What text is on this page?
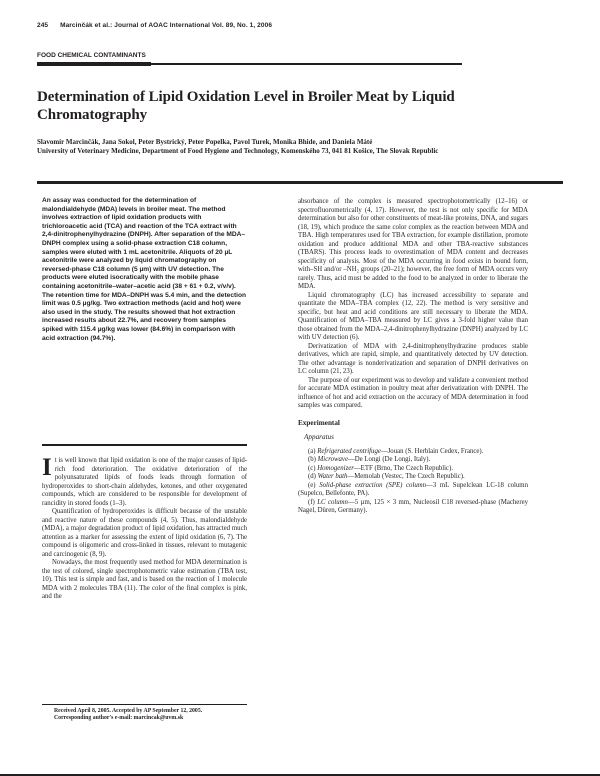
245 Marcinčák et al.: Journal of AOAC International Vol. 89, No. 1, 2006
FOOD CHEMICAL CONTAMINANTS
Determination of Lipid Oxidation Level in Broiler Meat by Liquid Chromatography
Slavomír Marcinčák, Jana Sokol, Peter Bystrický, Peter Popelka, Pavol Turek, Monika Bhide, and Daniela Máté
University of Veterinary Medicine, Department of Food Hygiene and Technology, Komenského 73, 041 81 Košice, The Slovak Republic
An assay was conducted for the determination of malondialdehyde (MDA) levels in broiler meat. The method involves extraction of lipid oxidation products with trichloroacetic acid (TCA) and reaction of the TCA extract with 2,4-dinitrophenylhydrazine (DNPH). After separation of the MDA–DNPH complex using a solid-phase extraction C18 column, samples were eluted with 1 mL acetonitrile. Aliquots of 20 µL acetonitrile were analyzed by liquid chromatography on reversed-phase C18 column (5 µm) with UV detection. The products were eluted isocratically with the mobile phase containing acetonitrile–water–acetic acid (38 + 61 + 0.2, v/v/v). The retention time for MDA–DNPH was 5.4 min, and the detection limit was 0.5 µg/kg. Two extraction methods (acid and hot) were also used in the study. The results showed that hot extraction increased results about 22.7%, and recovery from samples spiked with 115.4 µg/kg was lower (84.6%) in comparison with acid extraction (94.7%).

It is well known that lipid oxidation is one of the major causes of lipid-rich food deterioration. The oxidative deterioration of the polyunsaturated lipids of foods leads through formation of hydroperoxides to short-chain aldehydes, ketones, and other oxygenated compounds, which are considered to be responsible for development of rancidity in stored foods (1–3).

Quantification of hydroperoxides is difficult because of the unstable and reactive nature of these compounds (4, 5). Thus, malondialdehyde (MDA), a major degradation product of lipid oxidation, has attracted much attention as a marker for assessing the extent of lipid oxidation (6, 7). The compound is oligomeric and cross-linked in tissues, relevant to mutagenic and carcinogenic (8, 9).

Nowadays, the most frequently used method for MDA determination is the test of colored, single spectrophotometric value estimation (TBA test, 10). This test is simple and fast, and is based on the reaction of 1 molecule MDA with 2 molecules TBA (11). The color of the final complex is pink, and the

Received April 8, 2005. Accepted by AP September 12, 2005.
Corresponding author's e-mail: marcincak@uvm.sk

absorbance of the complex is measured spectrophotometrically (12–16) or spectrofluorometrically (4, 17). However, the test is not only specific for MDA determination but also for other constituents of meat-like proteins, DNA, and sugars (18, 19), which produce the same color complex as the reaction between MDA and TBA. High temperatures used for TBA extraction, for example distillation, promote oxidation and produce additional MDA and other TBA-reactive substances (TBARS). This process leads to overestimation of MDA content and decreases specificity of analysis. Most of the MDA occurring in food exists in bound form, with–SH and/or –NH₂ groups (20–21); however, the free form of MDA occurs very rarely. Thus, acid must be added to the food to be analyzed in order to liberate the MDA.

Liquid chromatography (LC) has increased accessibility to separate and quantitate the MDA–TBA complex (12, 22). The method is very sensitive and specific, but heat and acid conditions are still necessary to liberate the MDA. Quantification of MDA–TBA measured by LC gives a 3-fold higher value than those obtained from the MDA–2,4-dinitrophenylhydrazine (DNPH) analyzed by LC with UV detection (6).

Derivatization of MDA with 2,4-dinitrophenylhydrazine produces stable derivatives, which are rapid, simple, and quantitatively detected by UV detection. The other advantage is nonderivatization and separation of DNPH derivatives on LC column (21, 23).

The purpose of our experiment was to develop and validate a convenient method for accurate MDA estimation in poultry meat after derivatization with DNPH. The influence of hot and acid extraction on the accuracy of MDA determination in food samples was compared.

Experimental
Apparatus

(a) Refrigerated centrifuge—Jouan (S. Herblain Cedex, France).

(b) Microwave—De Longi (De Longi, Italy).

(c) Homogenizer—ETF (Brno, The Czech Republic).

(d) Water bath—Memolab (Vestec, The Czech Republic).

(e) Solid-phase extraction (SPE) column—3 mL Supelclean LC-18 column (Supelco, Bellefonte, PA).

(f) LC column—5 µm, 125 × 3 mm, Nucleosil C18 reversed-phase (Macherey Nagel, Düren, Germany).
